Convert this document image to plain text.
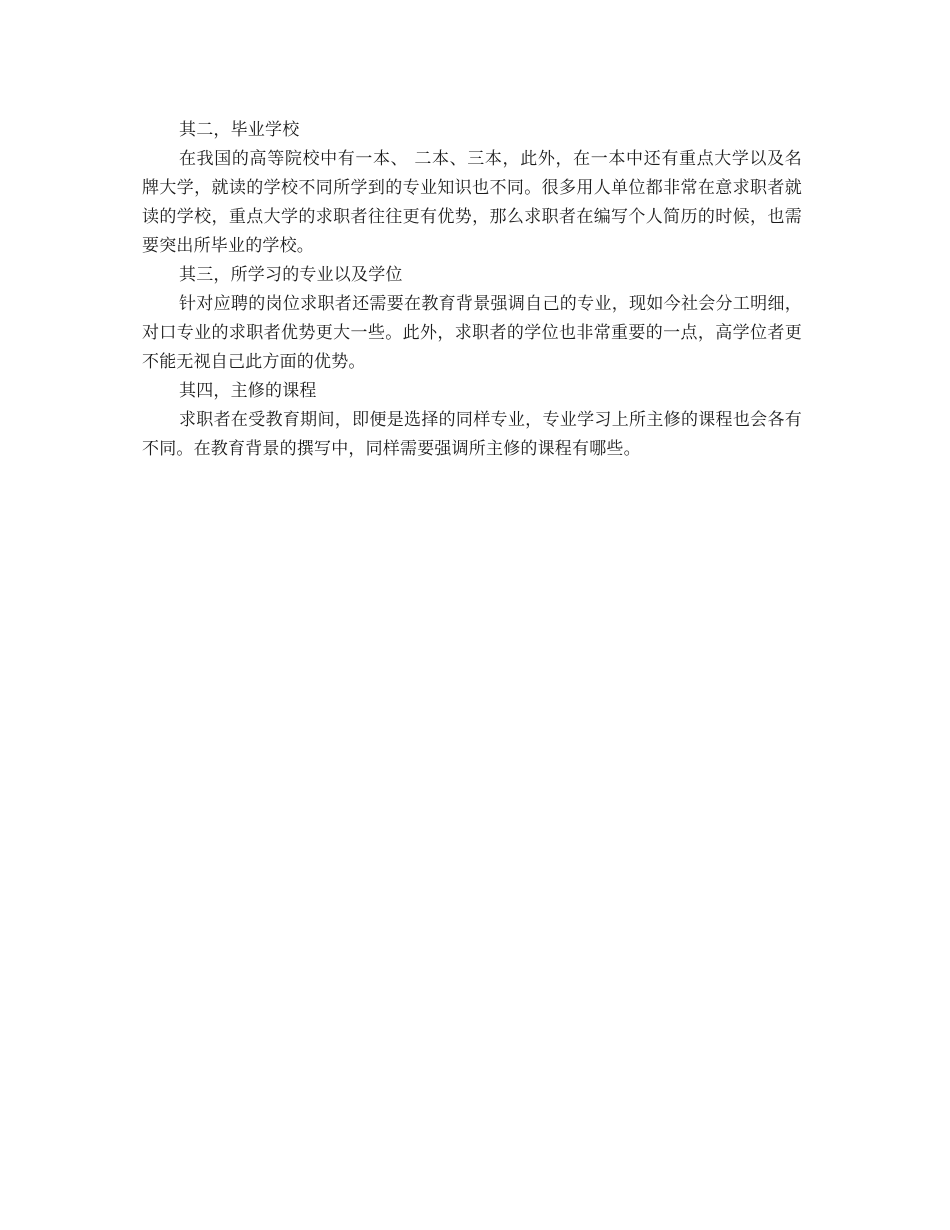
其二，毕业学校

在我国的高等院校中有一本、 二本、三本，此外，在一本中还有重点大学以及名牌大学，就读的学校不同所学到的专业知识也不同。很多用人单位都非常在意求职者就读的学校，重点大学的求职者往往更有优势，那么求职者在编写个人简历的时候，也需要突出所毕业的学校。

其三，所学习的专业以及学位

针对应聘的岗位求职者还需要在教育背景强调自己的专业，现如今社会分工明细，对口专业的求职者优势更大一些。此外，求职者的学位也非常重要的一点，高学位者更不能无视自己此方面的优势。

其四，主修的课程

求职者在受教育期间，即便是选择的同样专业，专业学习上所主修的课程也会各有不同。在教育背景的撰写中，同样需要强调所主修的课程有哪些。
